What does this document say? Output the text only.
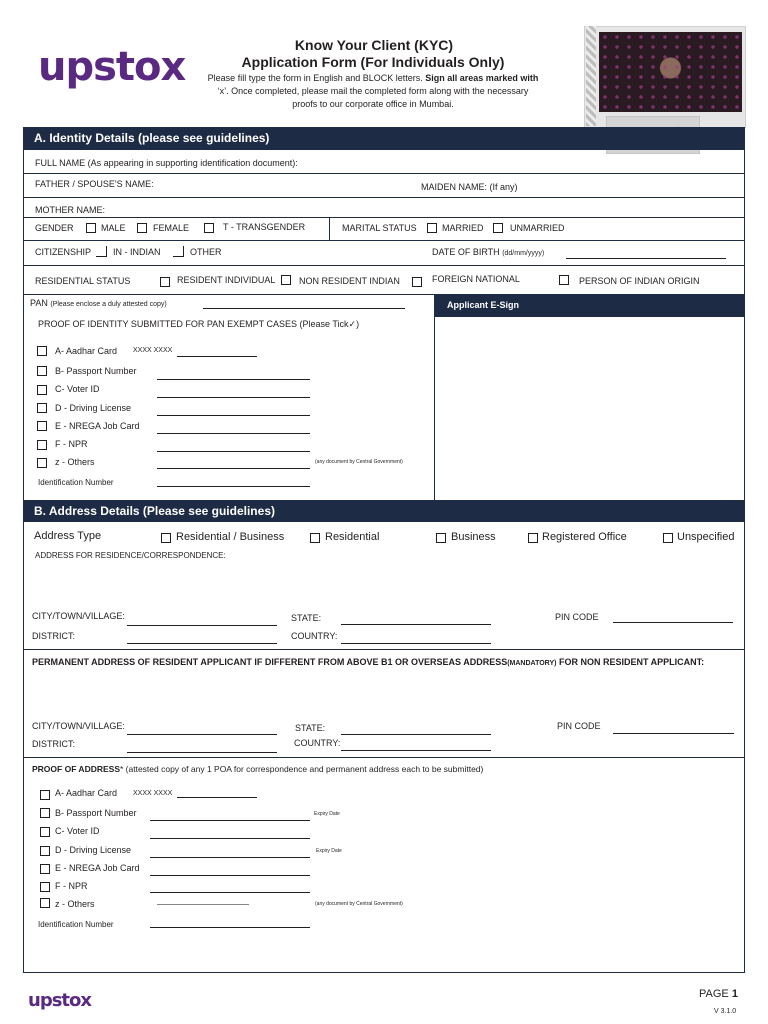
upstox	Know Your Client (KYC)
Application Form (For Individuals Only)
Please fill type the form in English and BLOCK letters. Sign all areas marked with
‘x’. Once completed, please mail the completed form along with the necessary
proofs to our corporate office in Mumbai.
A. Identity Details (please see guidelines)
FULL NAME (As appearing in supporting identification document):
FATHER / SPOUSE'S NAME:	MAIDEN NAME: (If any)
MOTHER NAME:
GENDER	MALE	FEMALE	T - TRANSGENDER	MARITAL STATUS	MARRIED	UNMARRIED
CITIZENSHIP IN - INDIAN	OTHER	DATE OF BIRTH (dd/mm/yyyy)
RESIDENTIAL STATUS	RESIDENT INDIVIDUAL	NON RESIDENT INDIAN	FOREIGN NATIONAL	PERSON OF INDIAN ORIGIN
PAN (Please enclose a duly attested copy)	Applicant E-Sign
PROOF OF IDENTITY SUBMITTED FOR PAN EXEMPT CASES (Please Tick✓)
A- Aadhar Card XXXX XXXX
B- Passport Number
C- Voter ID
D - Driving License
E - NREGA Job Card
F - NPR
z - Others	(any document by Central Government)
Identification Number
B. Address Details (Please see guidelines)
Address Type	Residential / Business	Residential	Business	Registered Office	Unspecified
ADDRESS FOR RESIDENCE/CORRESPONDENCE:
CITY/TOWN/VILLAGE:	STATE:	PIN CODE
DISTRICT:	COUNTRY:
PERMANENT ADDRESS OF RESIDENT APPLICANT IF DIFFERENT FROM ABOVE B1 OR OVERSEAS ADDRESS(MANDATORY) FOR NON RESIDENT APPLICANT:
CITY/TOWN/VILLAGE:	STATE:	PIN CODE
DISTRICT:	COUNTRY:
PROOF OF ADDRESS* (attested copy of any 1 POA for correspondence and permanent address each to be submitted)
A- Aadhar Card XXXX XXXX
B- Passport Number	Expiry Date
C- Voter ID
D - Driving License	Expiry Date
E - NREGA Job Card
F - NPR
z - Others	(any document by Central Government)
Identification Number
upstox	PAGE 1
V 3.1.0
